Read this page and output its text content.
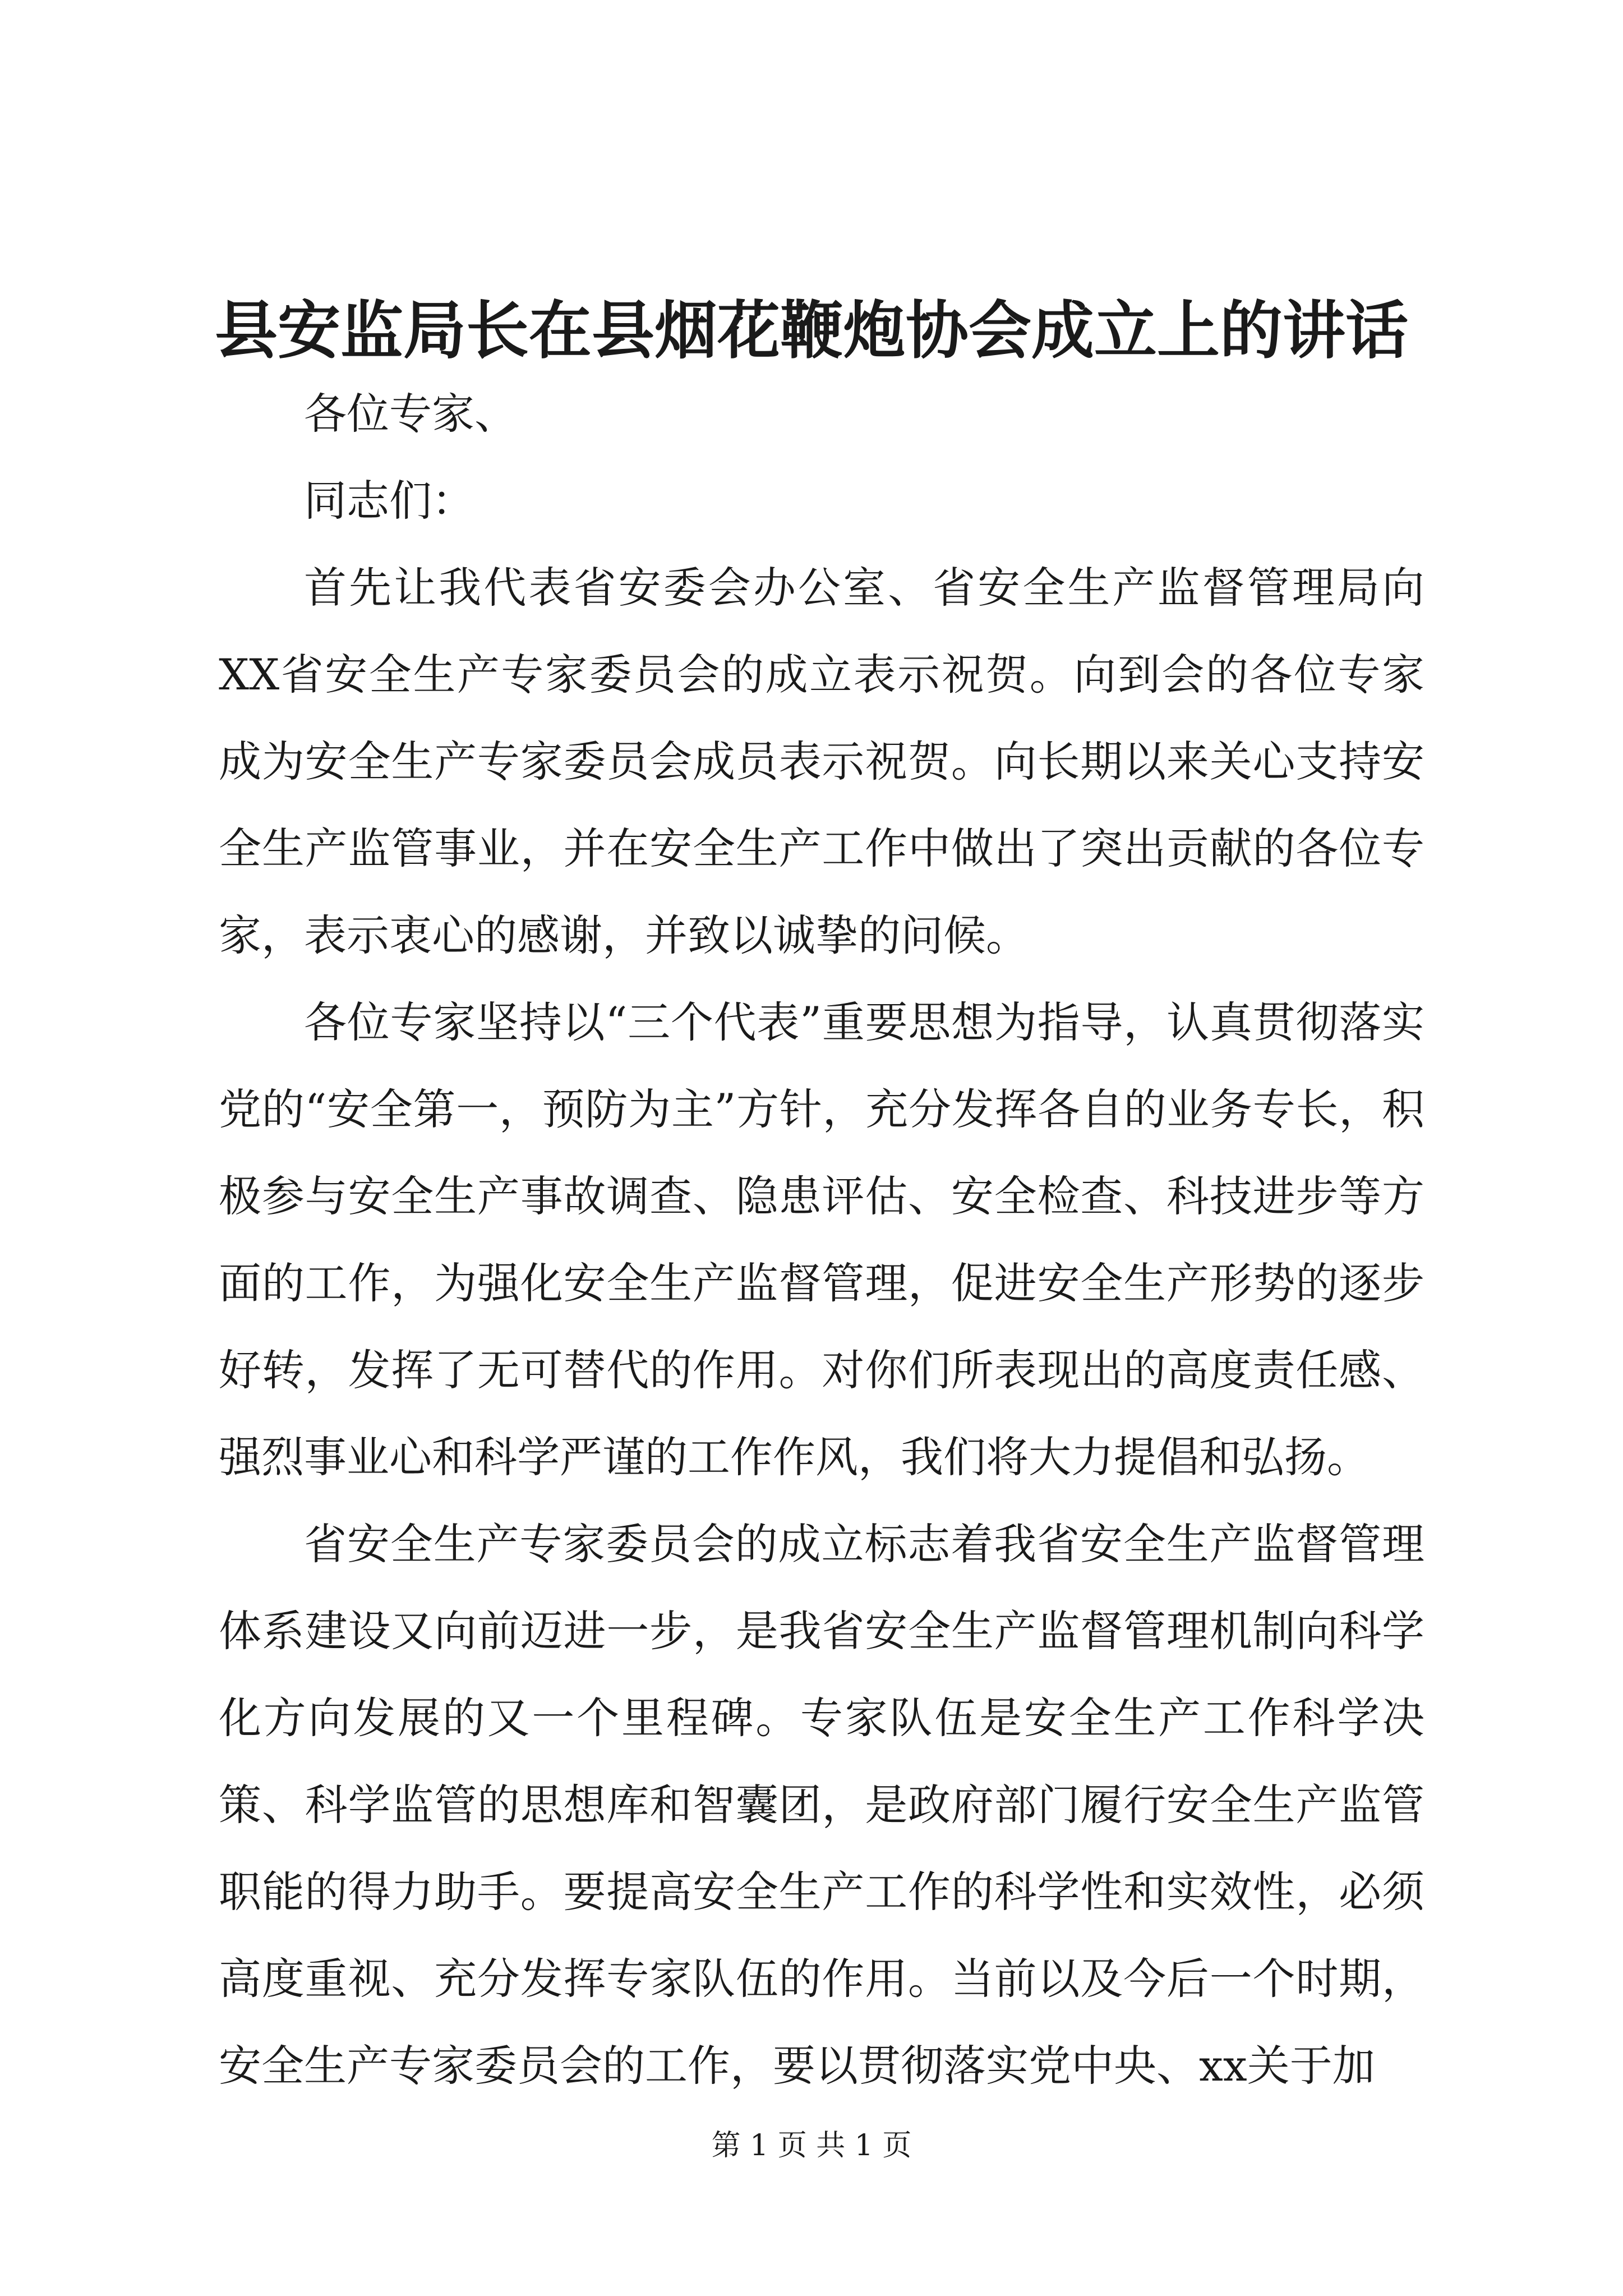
县安监局长在县烟花鞭炮协会成立上的讲话

各位专家、

同志们：

首先让我代表省安委会办公室、省安全生产监督管理局向XX省安全生产专家委员会的成立表示祝贺。向到会的各位专家成为安全生产专家委员会成员表示祝贺。向长期以来关心支持安全生产监管事业，并在安全生产工作中做出了突出贡献的各位专家，表示衷心的感谢，并致以诚挚的问候。

各位专家坚持以“三个代表”重要思想为指导，认真贯彻落实党的“安全第一，预防为主”方针，充分发挥各自的业务专长，积极参与安全生产事故调查、隐患评估、安全检查、科技进步等方面的工作，为强化安全生产监督管理，促进安全生产形势的逐步好转，发挥了无可替代的作用。对你们所表现出的高度责任感、强烈事业心和科学严谨的工作作风，我们将大力提倡和弘扬。

省安全生产专家委员会的成立标志着我省安全生产监督管理体系建设又向前迈进一步，是我省安全生产监督管理机制向科学化方向发展的又一个里程碑。专家队伍是安全生产工作科学决策、科学监管的思想库和智囊团，是政府部门履行安全生产监管职能的得力助手。要提高安全生产工作的科学性和实效性，必须高度重视、充分发挥专家队伍的作用。当前以及今后一个时期，安全生产专家委员会的工作，要以贯彻落实党中央、xx关于加

第 1 页 共 1 页
